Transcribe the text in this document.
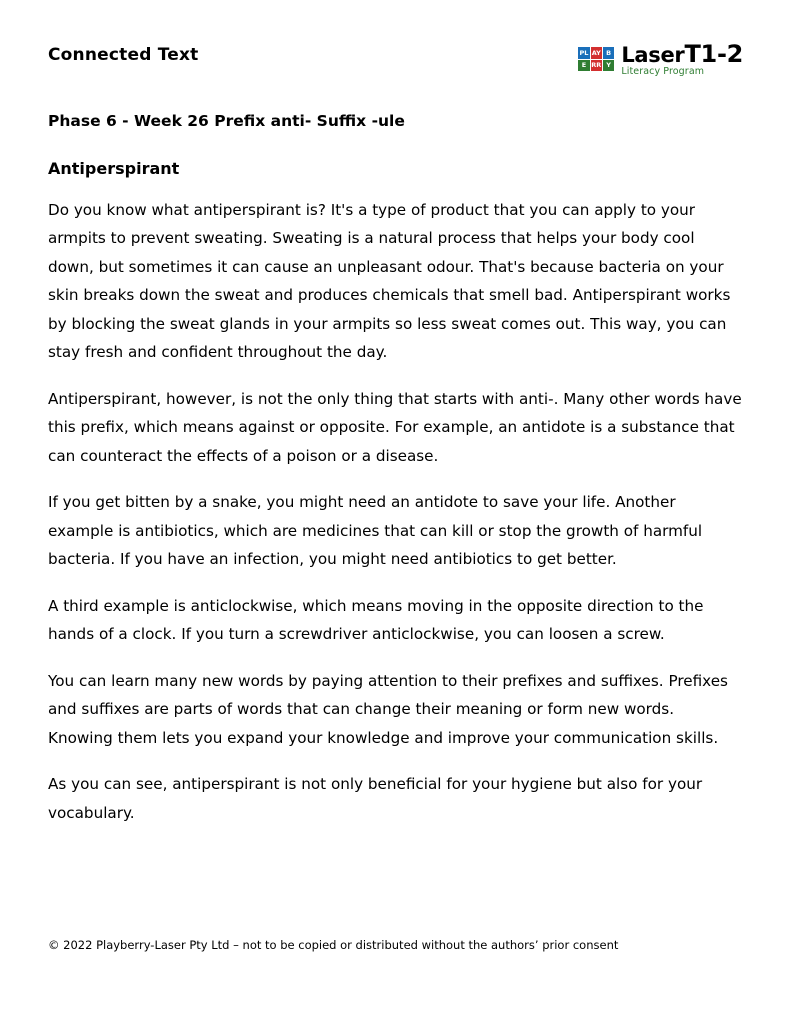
Connected Text	PL AY B
E RR Y LaserT1-2
Literacy Program
Phase 6 - Week 26 Prefix anti- Suffix -ule
Antiperspirant

Do you know what antiperspirant is? It's a type of product that you can apply to your armpits to prevent sweating. Sweating is a natural process that helps your body cool down, but sometimes it can cause an unpleasant odour. That's because bacteria on your skin breaks down the sweat and produces chemicals that smell bad. Antiperspirant works by blocking the sweat glands in your armpits so less sweat comes out. This way, you can stay fresh and confident throughout the day.

Antiperspirant, however, is not the only thing that starts with anti-. Many other words have this prefix, which means against or opposite. For example, an antidote is a substance that can counteract the effects of a poison or a disease.

If you get bitten by a snake, you might need an antidote to save your life. Another example is antibiotics, which are medicines that can kill or stop the growth of harmful bacteria. If you have an infection, you might need antibiotics to get better.

A third example is anticlockwise, which means moving in the opposite direction to the hands of a clock. If you turn a screwdriver anticlockwise, you can loosen a screw.

You can learn many new words by paying attention to their prefixes and suffixes. Prefixes and suffixes are parts of words that can change their meaning or form new words. Knowing them lets you expand your knowledge and improve your communication skills.

As you can see, antiperspirant is not only beneficial for your hygiene but also for your vocabulary.

© 2022 Playberry-Laser Pty Ltd – not to be copied or distributed without the authors’ prior consent
